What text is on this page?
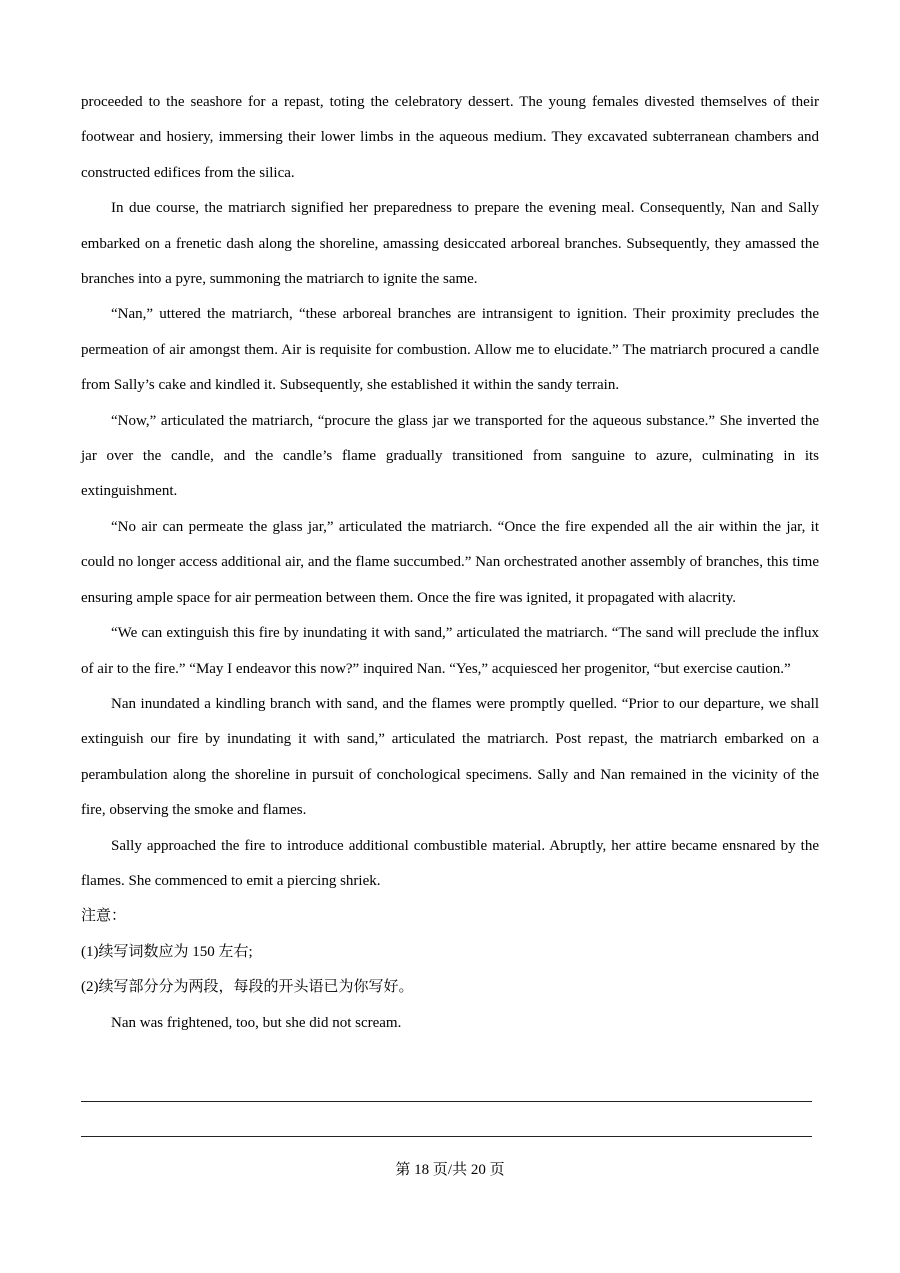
proceeded to the seashore for a repast, toting the celebratory dessert. The young females divested themselves of their footwear and hosiery, immersing their lower limbs in the aqueous medium. They excavated subterranean chambers and constructed edifices from the silica.

In due course, the matriarch signified her preparedness to prepare the evening meal. Consequently, Nan and Sally embarked on a frenetic dash along the shoreline, amassing desiccated arboreal branches. Subsequently, they amassed the branches into a pyre, summoning the matriarch to ignite the same.

“Nan,” uttered the matriarch, “these arboreal branches are intransigent to ignition. Their proximity precludes the permeation of air amongst them. Air is requisite for combustion. Allow me to elucidate.” The matriarch procured a candle from Sally’s cake and kindled it. Subsequently, she established it within the sandy terrain.

“Now,” articulated the matriarch, “procure the glass jar we transported for the aqueous substance.” She inverted the jar over the candle, and the candle’s flame gradually transitioned from sanguine to azure, culminating in its extinguishment.

“No air can permeate the glass jar,” articulated the matriarch. “Once the fire expended all the air within the jar, it could no longer access additional air, and the flame succumbed.” Nan orchestrated another assembly of branches, this time ensuring ample space for air permeation between them. Once the fire was ignited, it propagated with alacrity.

“We can extinguish this fire by inundating it with sand,” articulated the matriarch. “The sand will preclude the influx of air to the fire.” “May I endeavor this now?” inquired Nan. “Yes,” acquiesced her progenitor, “but exercise caution.”

Nan inundated a kindling branch with sand, and the flames were promptly quelled. “Prior to our departure, we shall extinguish our fire by inundating it with sand,” articulated the matriarch. Post repast, the matriarch embarked on a perambulation along the shoreline in pursuit of conchological specimens. Sally and Nan remained in the vicinity of the fire, observing the smoke and flames.

Sally approached the fire to introduce additional combustible material. Abruptly, her attire became ensnared by the flames. She commenced to emit a piercing shriek.

注意：

(1)续写词数应为 150 左右;

(2)续写部分分为两段，每段的开头语已为你写好。

Nan was frightened, too, but she did not scream.

第 18 页/共 20 页
